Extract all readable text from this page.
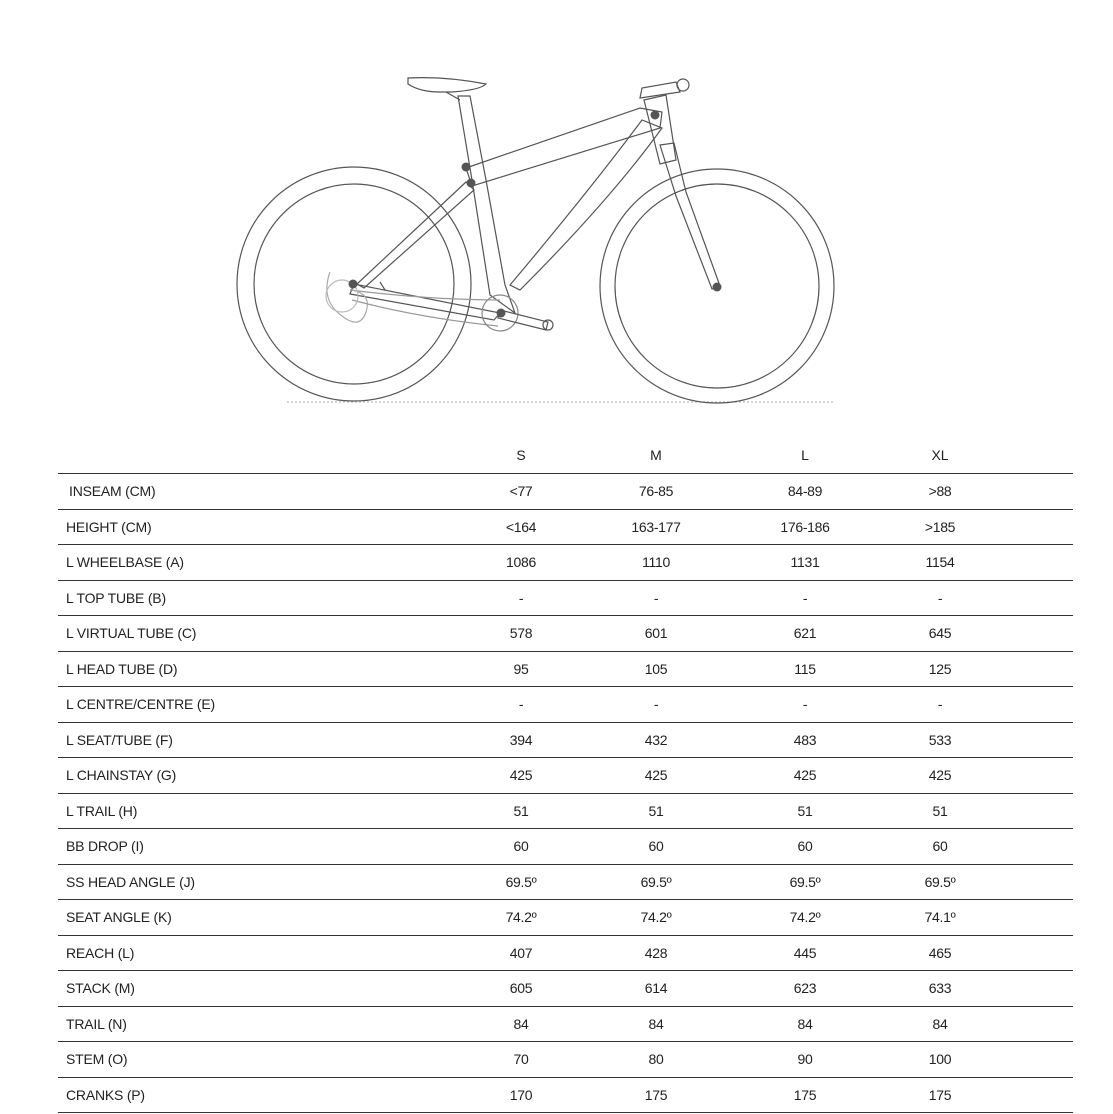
S	M	L	XL
INSEAM (CM)	<77	76-85	84-89	>88
HEIGHT (CM)	<164	163-177	176-186	>185
L WHEELBASE (A)	1086	1110	1131	1154
L TOP TUBE (B)	-	-	-	-
L VIRTUAL TUBE (C)	578	601	621	645
L HEAD TUBE (D)	95	105	115	125
L CENTRE/CENTRE (E)	-	-	-	-
L SEAT/TUBE (F)	394	432	483	533
L CHAINSTAY (G)	425	425	425	425
L TRAIL (H)	51	51	51	51
BB DROP (I)	60	60	60	60
SS HEAD ANGLE (J)	69.5º	69.5º	69.5º	69.5º
SEAT ANGLE (K)	74.2º	74.2º	74.2º	74.1º
REACH (L)	407	428	445	465
STACK (M)	605	614	623	633
TRAIL (N)	84	84	84	84
STEM (O)	70	80	90	100
CRANKS (P)	170	175	175	175
